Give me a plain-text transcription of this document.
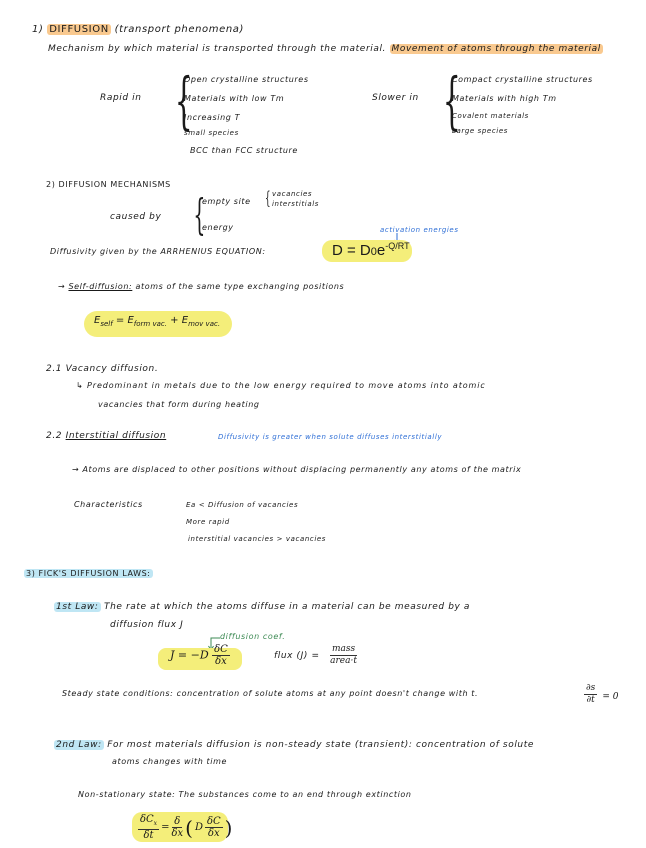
1) DIFFUSION (transport phenomena)
Mechanism by which material is transported through the material. Movement of atoms through the material
Rapid in {
Open crystalline structures
Materials with low Tm
Increasing T
small species
BCC than FCC structure
Slower in {
Compact crystalline structures
Materials with high Tm
Covalent materials
Large species
2) DIFFUSION MECHANISMS
caused by {
empty site { vacancies
interstitials
energy	activation energies
Diffusivity given by the ARRHENIUS EQUATION:	$D = D0e^{-Q/RT}$
→ Self-diffusion: atoms of the same type exchanging positions
$E_{self} = E_{form vac.} + E_{mov vac.}$
2.1 Vacancy diffusion.
↳ Predominant in metals due to the low energy required to move atoms into atomic
vacancies that form during heating
2.2 Interstitial diffusion	Diffusivity is greater when solute diffuses interstitially
→ Atoms are displaced to other positions without displacing permanently any atoms of the matrix
Characteristics	Ea < Diffusion of vacancies
More rapid
interstitial vacancies > vacancies
3) FICK'S DIFFUSION LAWS:
1st Law: The rate at which the atoms diffuse in a material can be measured by a
diffusion flux J
diffusion coef.
$J = -D \frac{\delta C}{\delta x}$	flux $(J) = \frac{\text{mass}}{\text{area·t}}$
Steady state conditions: concentration of solute atoms at any point doesn't change with t.	$\frac{\partial s}{\partial t} = 0$
2nd Law: For most materials diffusion is non-steady state (transient): concentration of solute
atoms changes with time
Non-stationary state: The substances come to an end through extinction
$\frac{\delta C_x}{\delta t} = \frac{\delta}{\delta x}$ ( D $\frac{\delta C}{\delta x}$ )
